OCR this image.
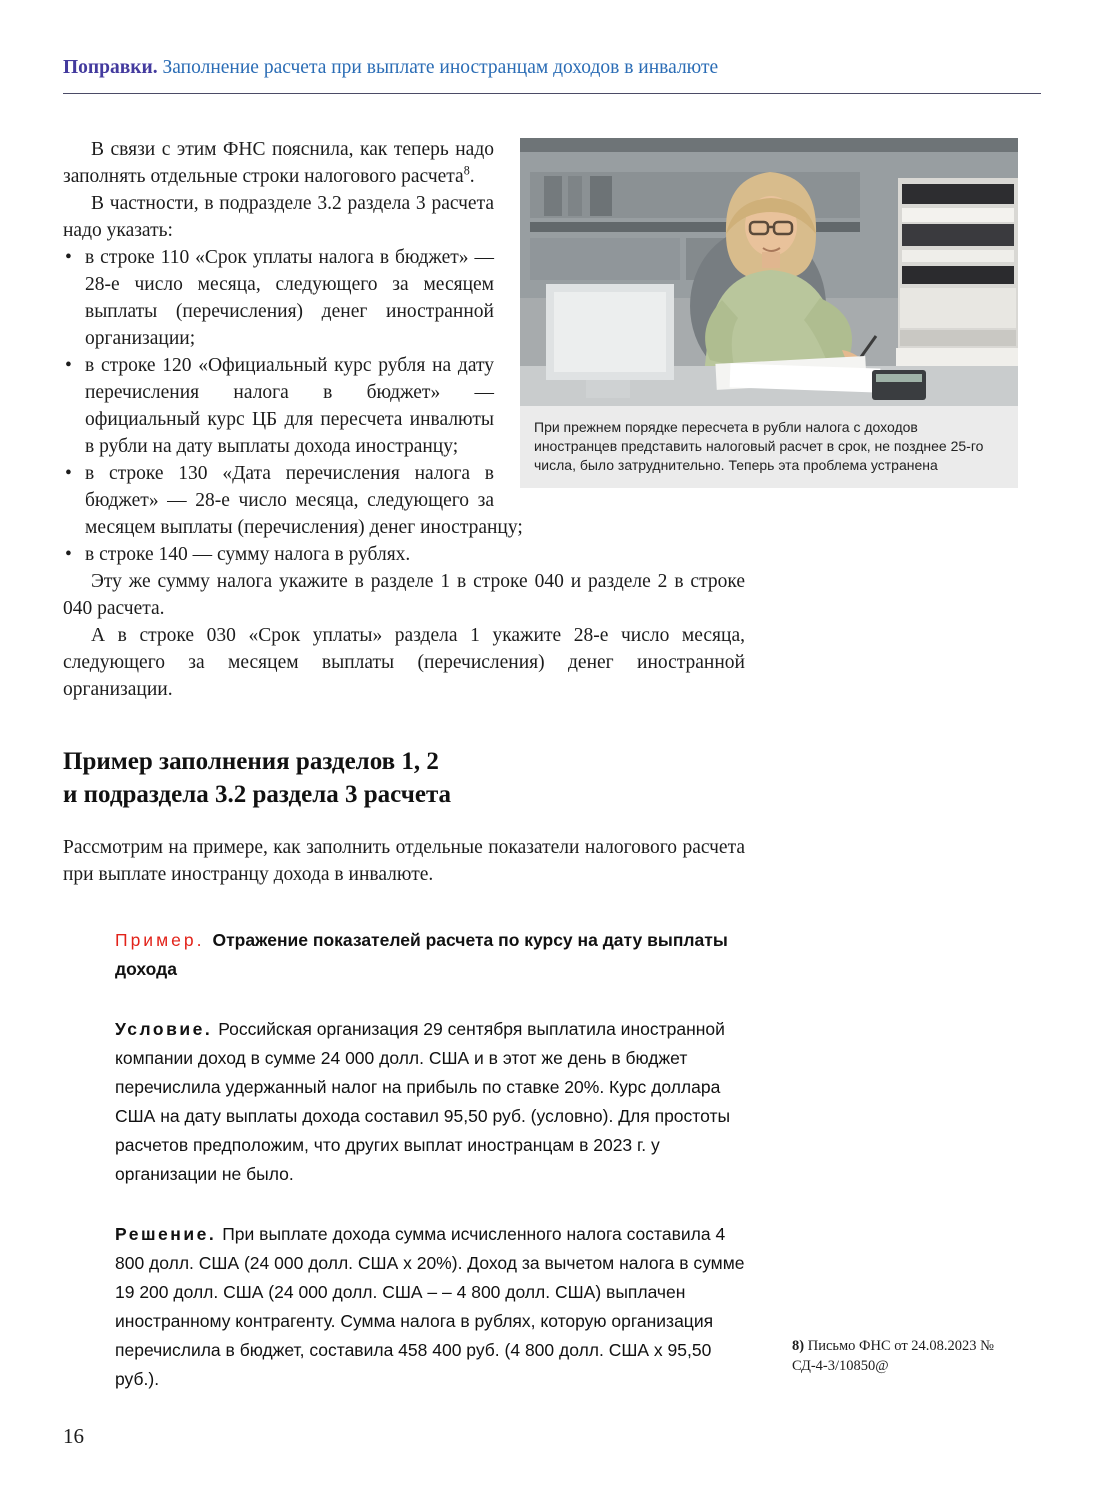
Поправки. Заполнение расчета при выплате иностранцам доходов в инвалюте
При прежнем порядке пересчета в рубли налога с доходов иностранцев представить налоговый расчет в срок, не позднее 25-го числа, было затруднительно. Теперь эта проблема устранена

В связи с этим ФНС пояснила, как теперь надо заполнять отдельные строки налогового расчета$^8$.

В частности, в подразделе 3.2 раздела 3 расчета надо указать:

• в строке 110 «Срок уплаты налога в бюджет» — 28-е число месяца, следующего за месяцем выплаты (перечисления) денег иностранной организации;
• в строке 120 «Официальный курс рубля на дату перечисления налога в бюджет» — официальный курс ЦБ для пересчета инвалюты в рубли на дату выплаты дохода иностранцу;
• в строке 130 «Дата перечисления налога в бюджет» — 28-е число месяца, следующего за месяцем выплаты (перечисления) денег иностранцу;
• в строке 140 — сумму налога в рублях.

Эту же сумму налога укажите в разделе 1 в строке 040 и разделе 2 в строке 040 расчета.

А в строке 030 «Срок уплаты» раздела 1 укажите 28-е число месяца, следующего за месяцем выплаты (перечисления) денег иностранной организации.

Пример заполнения разделов 1, 2
и подраздела 3.2 раздела 3 расчета

Рассмотрим на примере, как заполнить отдельные показатели налогового расчета при выплате иностранцу дохода в инвалюте.

Пример. Отражение показателей расчета по курсу на дату выплаты дохода
Условие. Российская организация 29 сентября выплатила иностранной компании доход в сумме 24 000 долл. США и в этот же день в бюджет перечислила удержанный налог на прибыль по ставке 20%. Курс доллара США на дату выплаты дохода составил 95,50 руб. (условно). Для простоты расчетов предположим, что других выплат иностранцам в 2023 г. у организации не было.
Решение. При выплате дохода сумма исчисленного налога составила 4 800 долл. США (24 000 долл. США x 20%). Доход за вычетом налога в сумме 19 200 долл. США (24 000 долл. США – – 4 800 долл. США) выплачен иностранному контрагенту. Сумма налога в рублях, которую организация перечислила в бюджет, составила 458 400 руб. (4 800 долл. США x 95,50 руб.).
8) Письмо ФНС от 24.08.2023 № СД-4-3/10850@
16
